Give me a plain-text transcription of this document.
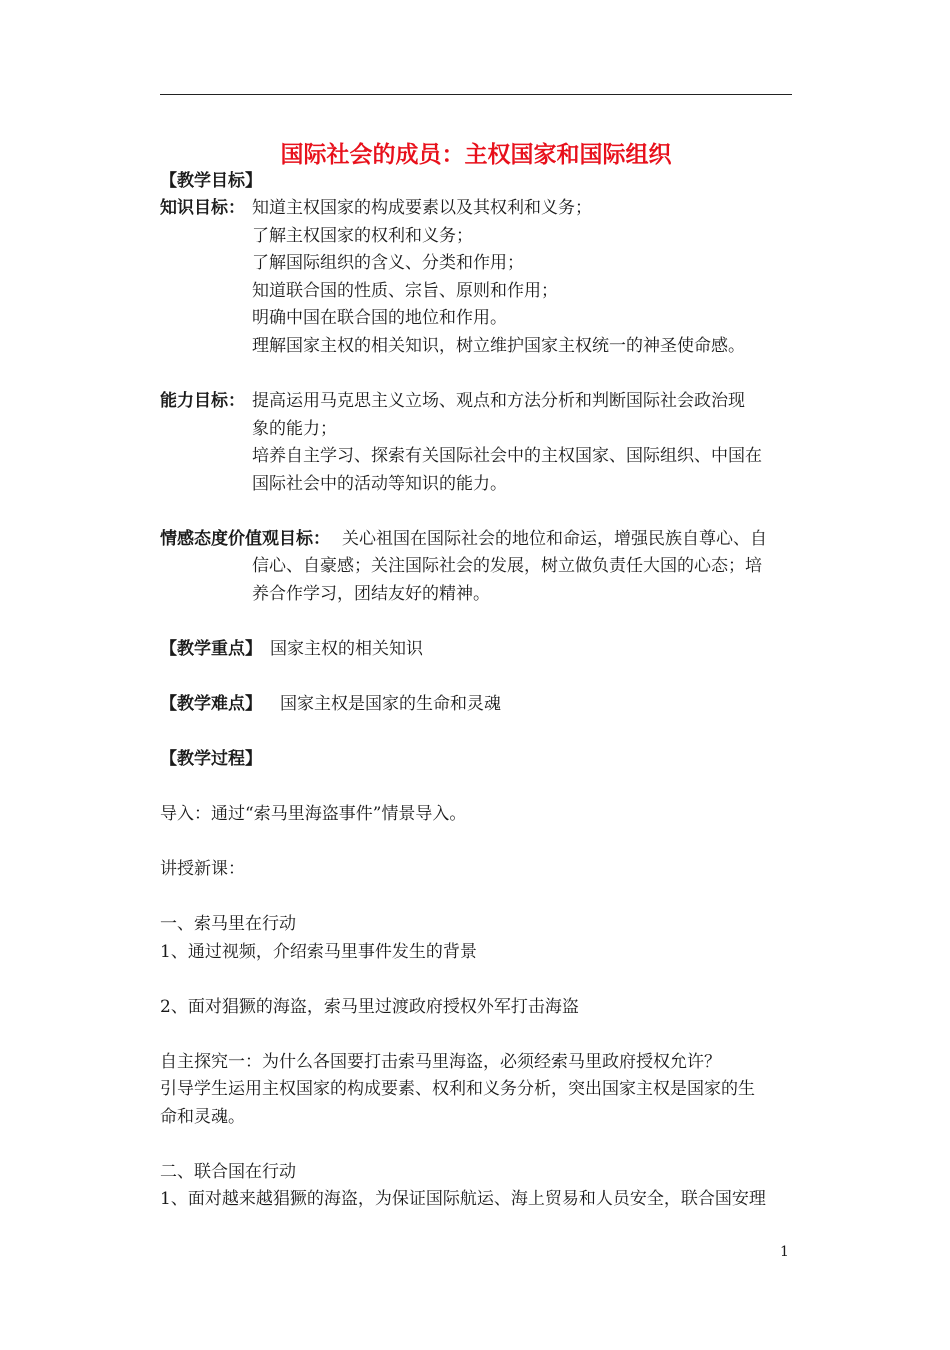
国际社会的成员：主权国家和国际组织
【教学目标】
知识目标： 知道主权国家的构成要素以及其权利和义务；
了解主权国家的权利和义务；
了解国际组织的含义、分类和作用；
知道联合国的性质、宗旨、原则和作用；
明确中国在联合国的地位和作用。
理解国家主权的相关知识，树立维护国家主权统一的神圣使命感。
能力目标： 提高运用马克思主义立场、观点和方法分析和判断国际社会政治现
象的能力；
培养自主学习、探索有关国际社会中的主权国家、国际组织、中国在
国际社会中的活动等知识的能力。
情感态度价值观目标： 关心祖国在国际社会的地位和命运，增强民族自尊心、自
信心、自豪感；关注国际社会的发展，树立做负责任大国的心态；培
养合作学习，团结友好的精神。
【教学重点】 国家主权的相关知识
【教学难点】 国家主权是国家的生命和灵魂
【教学过程】
导入：通过“索马里海盗事件”情景导入。
讲授新课：
一、索马里在行动
1、通过视频，介绍索马里事件发生的背景
2、面对猖獗的海盗，索马里过渡政府授权外军打击海盗
自主探究一：为什么各国要打击索马里海盗，必须经索马里政府授权允许？
引导学生运用主权国家的构成要素、权利和义务分析，突出国家主权是国家的生
命和灵魂。
二、联合国在行动
1、面对越来越猖獗的海盗，为保证国际航运、海上贸易和人员安全，联合国安理
1
